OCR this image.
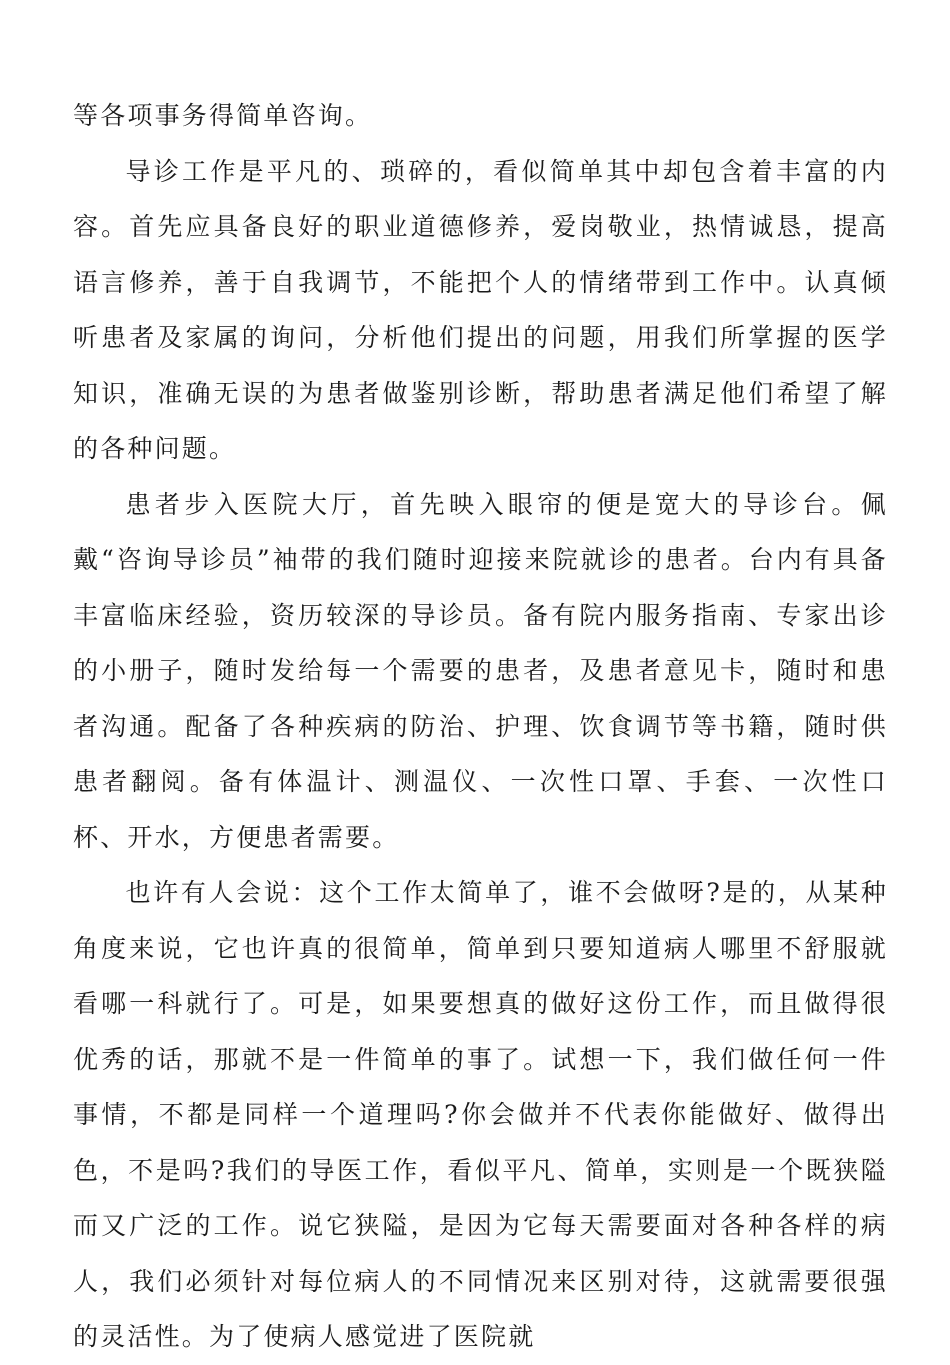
等各项事务得简单咨询。

导诊工作是平凡的、琐碎的，看似简单其中却包含着丰富的内容。首先应具备良好的职业道德修养，爱岗敬业，热情诚恳，提高语言修养，善于自我调节，不能把个人的情绪带到工作中。认真倾听患者及家属的询问，分析他们提出的问题，用我们所掌握的医学知识，准确无误的为患者做鉴别诊断，帮助患者满足他们希望了解的各种问题。

患者步入医院大厅，首先映入眼帘的便是宽大的导诊台。佩戴“咨询导诊员”袖带的我们随时迎接来院就诊的患者。台内有具备丰富临床经验，资历较深的导诊员。备有院内服务指南、专家出诊的小册子，随时发给每一个需要的患者，及患者意见卡，随时和患者沟通。配备了各种疾病的防治、护理、饮食调节等书籍，随时供患者翻阅。备有体温计、测温仪、一次性口罩、手套、一次性口杯、开水，方便患者需要。

也许有人会说：这个工作太简单了，谁不会做呀?是的，从某种角度来说，它也许真的很简单，简单到只要知道病人哪里不舒服就看哪一科就行了。可是，如果要想真的做好这份工作，而且做得很优秀的话，那就不是一件简单的事了。试想一下，我们做任何一件事情，不都是同样一个道理吗?你会做并不代表你能做好、做得出色，不是吗?我们的导医工作，看似平凡、简单，实则是一个既狭隘而又广泛的工作。说它狭隘，是因为它每天需要面对各种各样的病人，我们必须针对每位病人的不同情况来区别对待，这就需要很强的灵活性。为了使病人感觉进了医院就
